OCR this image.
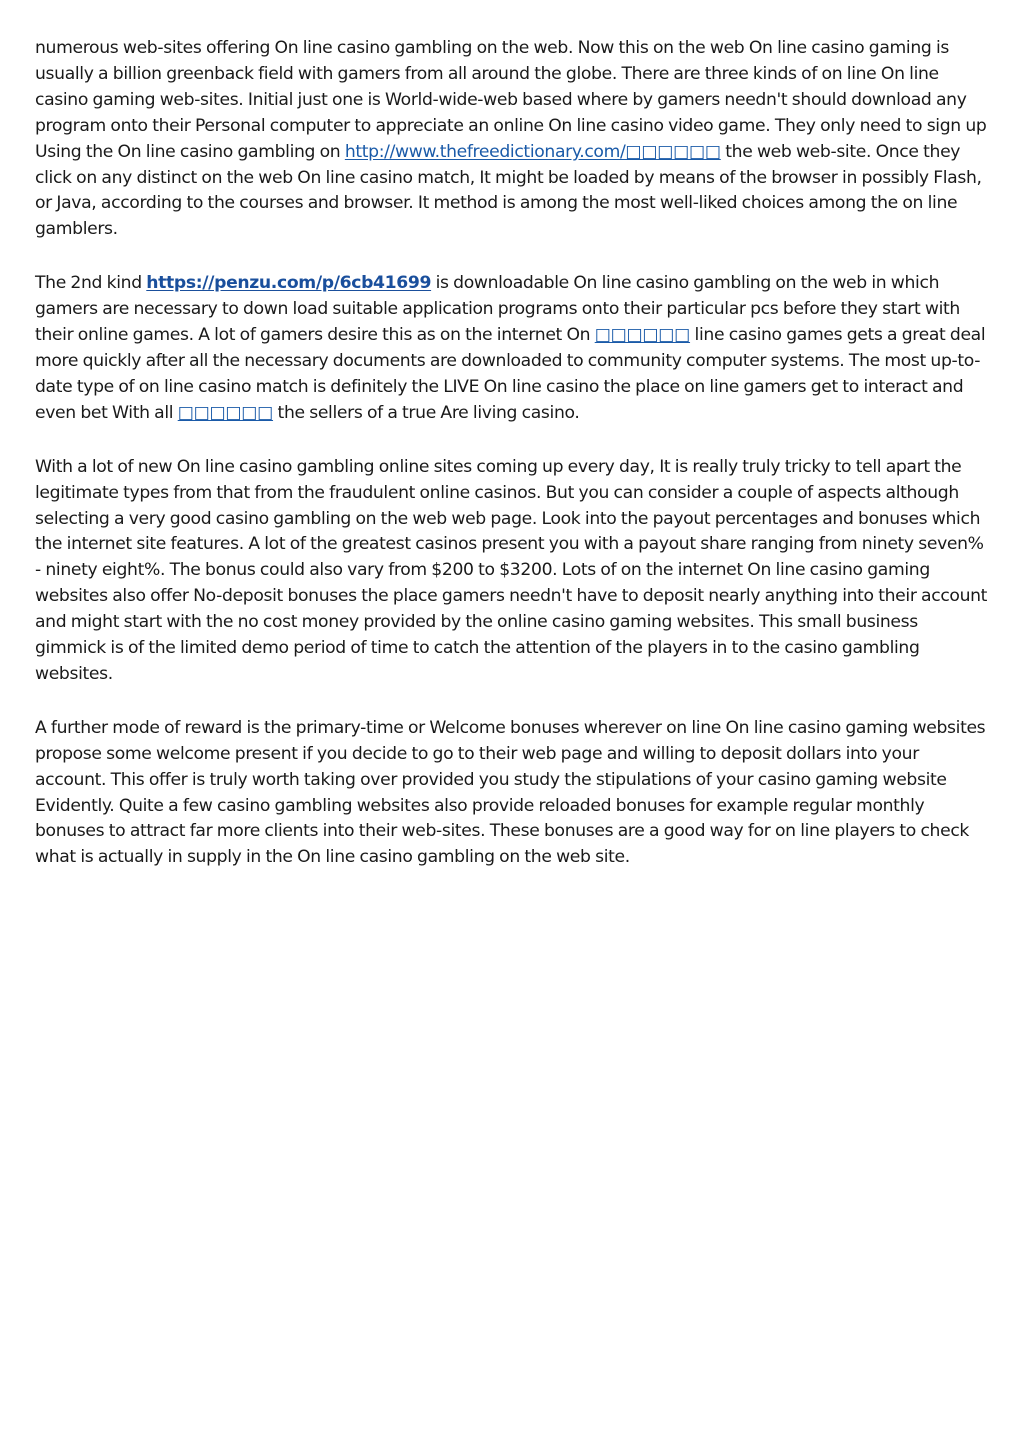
numerous web-sites offering On line casino gambling on the web. Now this on the web On line casino gaming is usually a billion greenback field with gamers from all around the globe. There are three kinds of on line On line casino gaming web-sites. Initial just one is World-wide-web based where by gamers needn't should download any program onto their Personal computer to appreciate an online On line casino video game. They only need to sign up Using the On line casino gambling on http://www.thefreedictionary.com/□□□□□□ the web web-site. Once they click on any distinct on the web On line casino match, It might be loaded by means of the browser in possibly Flash, or Java, according to the courses and browser. It method is among the most well-liked choices among the on line gamblers.

The 2nd kind https://penzu.com/p/6cb41699 is downloadable On line casino gambling on the web in which gamers are necessary to down load suitable application programs onto their particular pcs before they start with their online games. A lot of gamers desire this as on the internet On □□□□□□ line casino games gets a great deal more quickly after all the necessary documents are downloaded to community computer systems. The most up-to-date type of on line casino match is definitely the LIVE On line casino the place on line gamers get to interact and even bet With all □□□□□□ the sellers of a true Are living casino.

With a lot of new On line casino gambling online sites coming up every day, It is really truly tricky to tell apart the legitimate types from that from the fraudulent online casinos. But you can consider a couple of aspects although selecting a very good casino gambling on the web web page. Look into the payout percentages and bonuses which the internet site features. A lot of the greatest casinos present you with a payout share ranging from ninety seven% - ninety eight%. The bonus could also vary from $200 to $3200. Lots of on the internet On line casino gaming websites also offer No-deposit bonuses the place gamers needn't have to deposit nearly anything into their account and might start with the no cost money provided by the online casino gaming websites. This small business gimmick is of the limited demo period of time to catch the attention of the players in to the casino gambling websites.

A further mode of reward is the primary-time or Welcome bonuses wherever on line On line casino gaming websites propose some welcome present if you decide to go to their web page and willing to deposit dollars into your account. This offer is truly worth taking over provided you study the stipulations of your casino gaming website Evidently. Quite a few casino gambling websites also provide reloaded bonuses for example regular monthly bonuses to attract far more clients into their web-sites. These bonuses are a good way for on line players to check what is actually in supply in the On line casino gambling on the web site.
